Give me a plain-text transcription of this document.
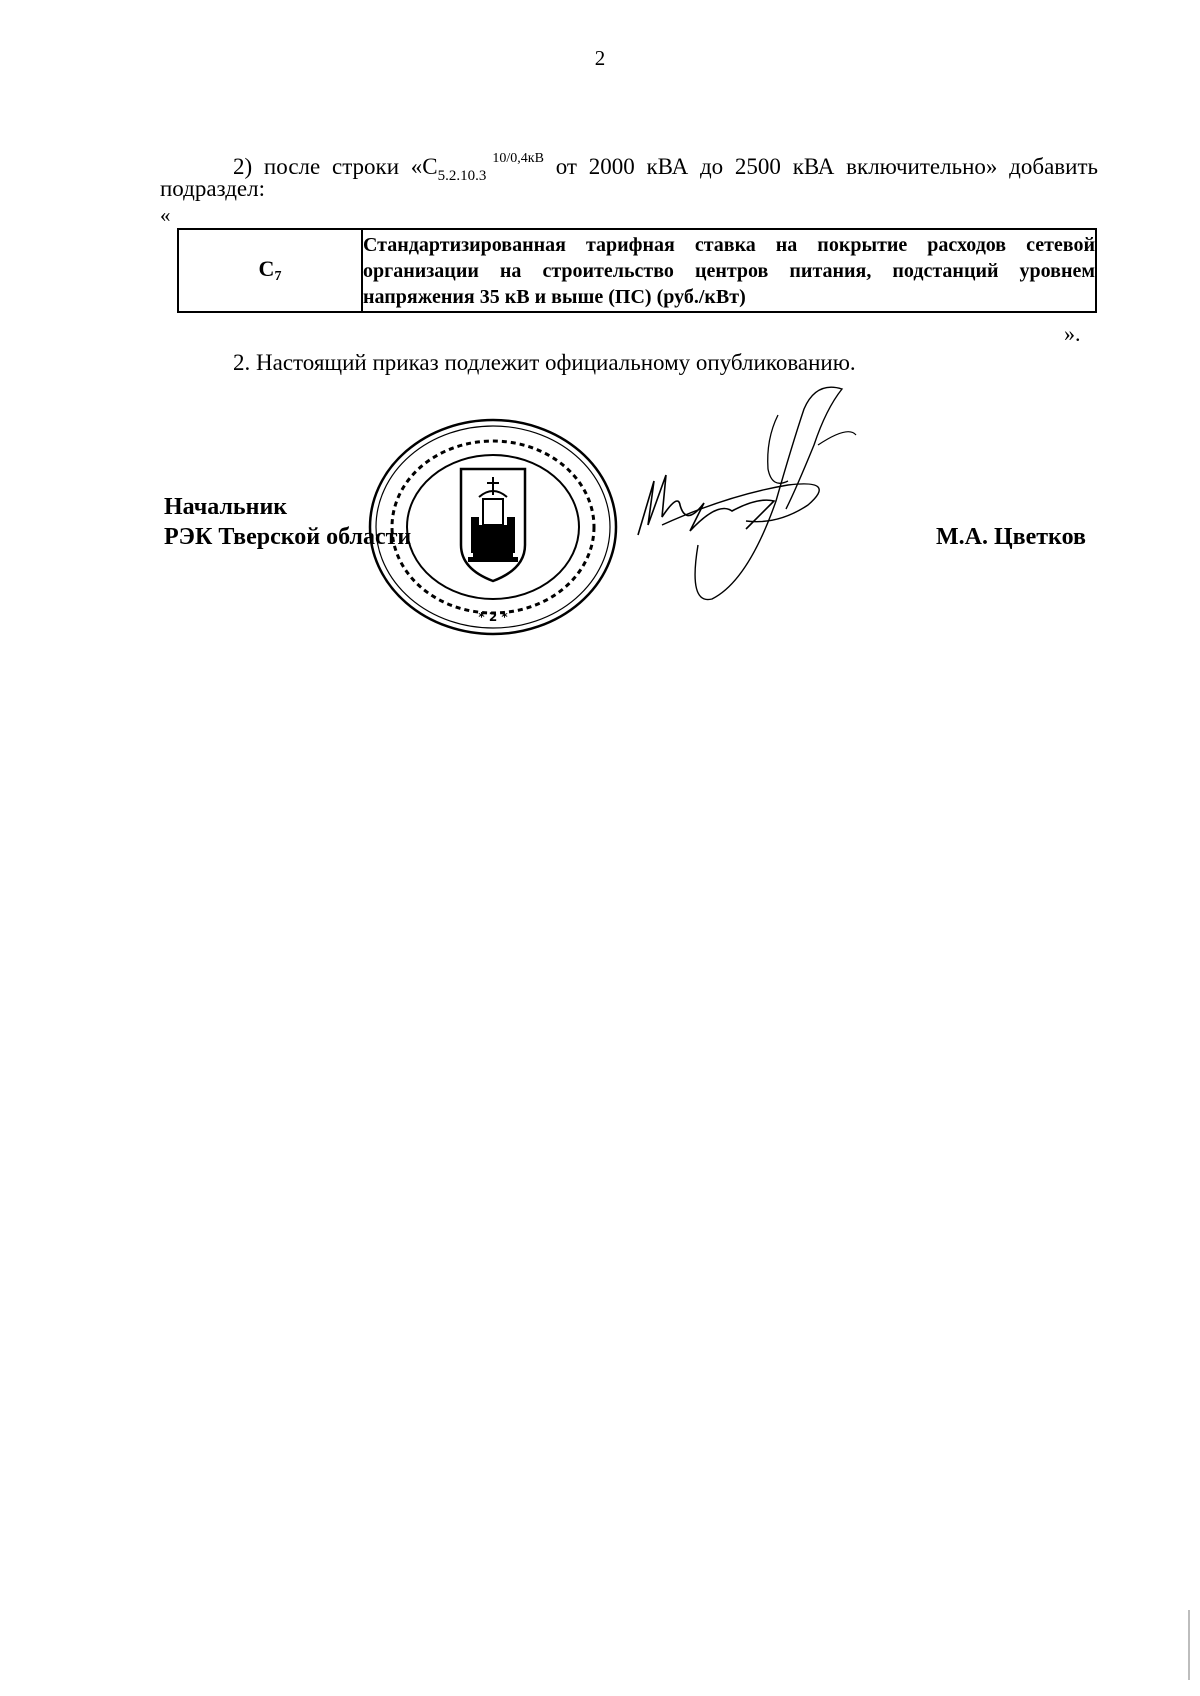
2
2) после строки «$С_{5.2.10.3}^{10/0,4кВ}$ от 2000 кВА до 2500 кВА включительно» добавить
подраздел:
«
С7	Стандартизированная тарифная ставка на покрытие расходов сетевой организации на строительство центров питания, подстанций уровнем напряжения 35 кВ и выше (ПС) (руб./кВт)
».
2. Настоящий приказ подлежит официальному опубликованию.
Начальник
РЭК Тверской области
* 2 *
М.А. Цветков
